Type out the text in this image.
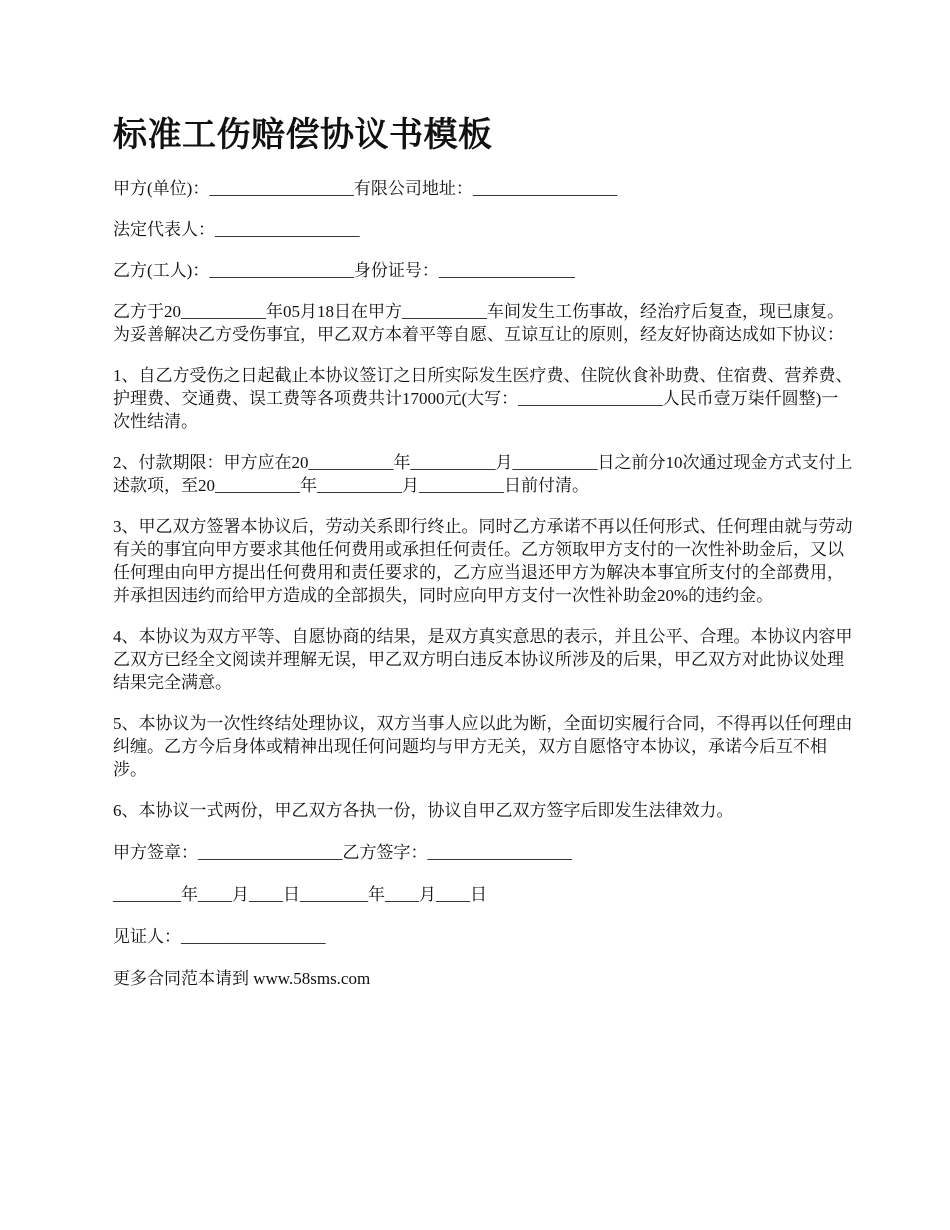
标准工伤赔偿协议书模板

甲方(单位)：_________________有限公司地址：_________________

法定代表人：_________________

乙方(工人)：_________________身份证号：________________

乙方于20__________年05月18日在甲方__________车间发生工伤事故，经治疗后复查，现已康复。为妥善解决乙方受伤事宜，甲乙双方本着平等自愿、互谅互让的原则，经友好协商达成如下协议：

1、自乙方受伤之日起截止本协议签订之日所实际发生医疗费、住院伙食补助费、住宿费、营养费、护理费、交通费、误工费等各项费共计17000元(大写：_________________人民币壹万柒仟圆整)一次性结清。

2、付款期限：甲方应在20__________年__________月__________日之前分10次通过现金方式支付上述款项，至20__________年__________月__________日前付清。

3、甲乙双方签署本协议后，劳动关系即行终止。同时乙方承诺不再以任何形式、任何理由就与劳动有关的事宜向甲方要求其他任何费用或承担任何责任。乙方领取甲方支付的一次性补助金后，又以任何理由向甲方提出任何费用和责任要求的，乙方应当退还甲方为解决本事宜所支付的全部费用，并承担因违约而给甲方造成的全部损失，同时应向甲方支付一次性补助金20%的违约金。

4、本协议为双方平等、自愿协商的结果，是双方真实意思的表示，并且公平、合理。本协议内容甲乙双方已经全文阅读并理解无误，甲乙双方明白违反本协议所涉及的后果，甲乙双方对此协议处理结果完全满意。

5、本协议为一次性终结处理协议，双方当事人应以此为断，全面切实履行合同，不得再以任何理由纠缠。乙方今后身体或精神出现任何问题均与甲方无关，双方自愿恪守本协议，承诺今后互不相涉。

6、本协议一式两份，甲乙双方各执一份，协议自甲乙双方签字后即发生法律效力。

甲方签章：_________________乙方签字：_________________

________年____月____日________年____月____日

见证人：_________________

更多合同范本请到 www.58sms.com
